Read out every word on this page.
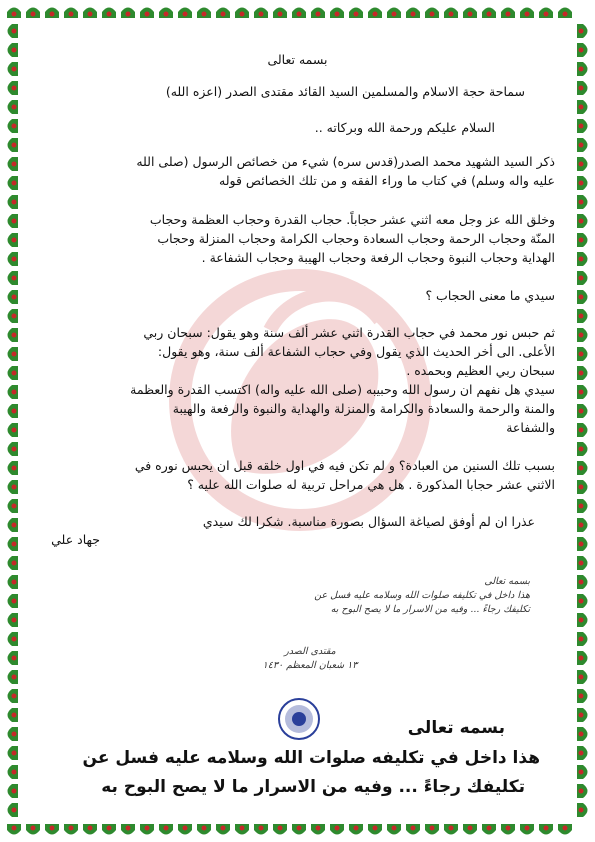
بسمه تعالى
سماحة حجة الاسلام والمسلمين السيد القائد مقتدى الصدر (اعزه الله)
السلام عليكم ورحمة الله وبركاته ..
ذكر السيد الشهيد محمد الصدر(قدس سره) شيء من خصائص الرسول (صلى الله
عليه واله وسلم) في كتاب ما وراء الفقه و من تلك الخصائص قوله
وخلق الله عز وجل معه اثني عشر حجاباً. حجاب القدرة وحجاب العظمة وحجاب
المنّة وحجاب الرحمة وحجاب السعادة وحجاب الكرامة وحجاب المنزلة وحجاب
الهداية وحجاب النبوة وحجاب الرفعة وحجاب الهيبة وحجاب الشفاعة .
سيدي ما معنى الحجاب ؟
ثم حبس نور محمد في حجاب القدرة اثني عشر ألف سنة وهو يقول: سبحان ربي
الأعلى. الى أخر الحديث الذي يقول وفي حجاب الشفاعة ألف سنة، وهو يقول:
سبحان ربي العظيم وبحمده .
سيدي هل نفهم ان رسول الله وحبيبه (صلى الله عليه واله) اكتسب القدرة والعظمة
والمنة والرحمة والسعادة والكرامة والمنزلة والهداية والنبوة والرفعة والهيبة
والشفاعة
بسبب تلك السنين من العبادة؟ و لم تكن فيه في اول خلقه قبل ان يحبس نوره في
الاثني عشر حجابا المذكورة . هل هي مراحل تربية له صلوات الله عليه ؟
عذرا ان لم أوفق لصياغة السؤال بصورة مناسبة. شكرا لك سيدي
جهاد علي
بسمه تعالى
هذا داخل في تكليفه صلوات الله وسلامه عليه فسل عن
تكليفك رجاءً ... وفيه من الاسرار ما لا يصح البوح به
مقتدى الصدر
١٣ شعبان المعظم ١٤٣٠
بسمه تعالى
هذا داخل في تكليفه صلوات الله وسلامه عليه فسل عن
تكليفك رجاءً ... وفيه من الاسرار ما لا يصح البوح به
